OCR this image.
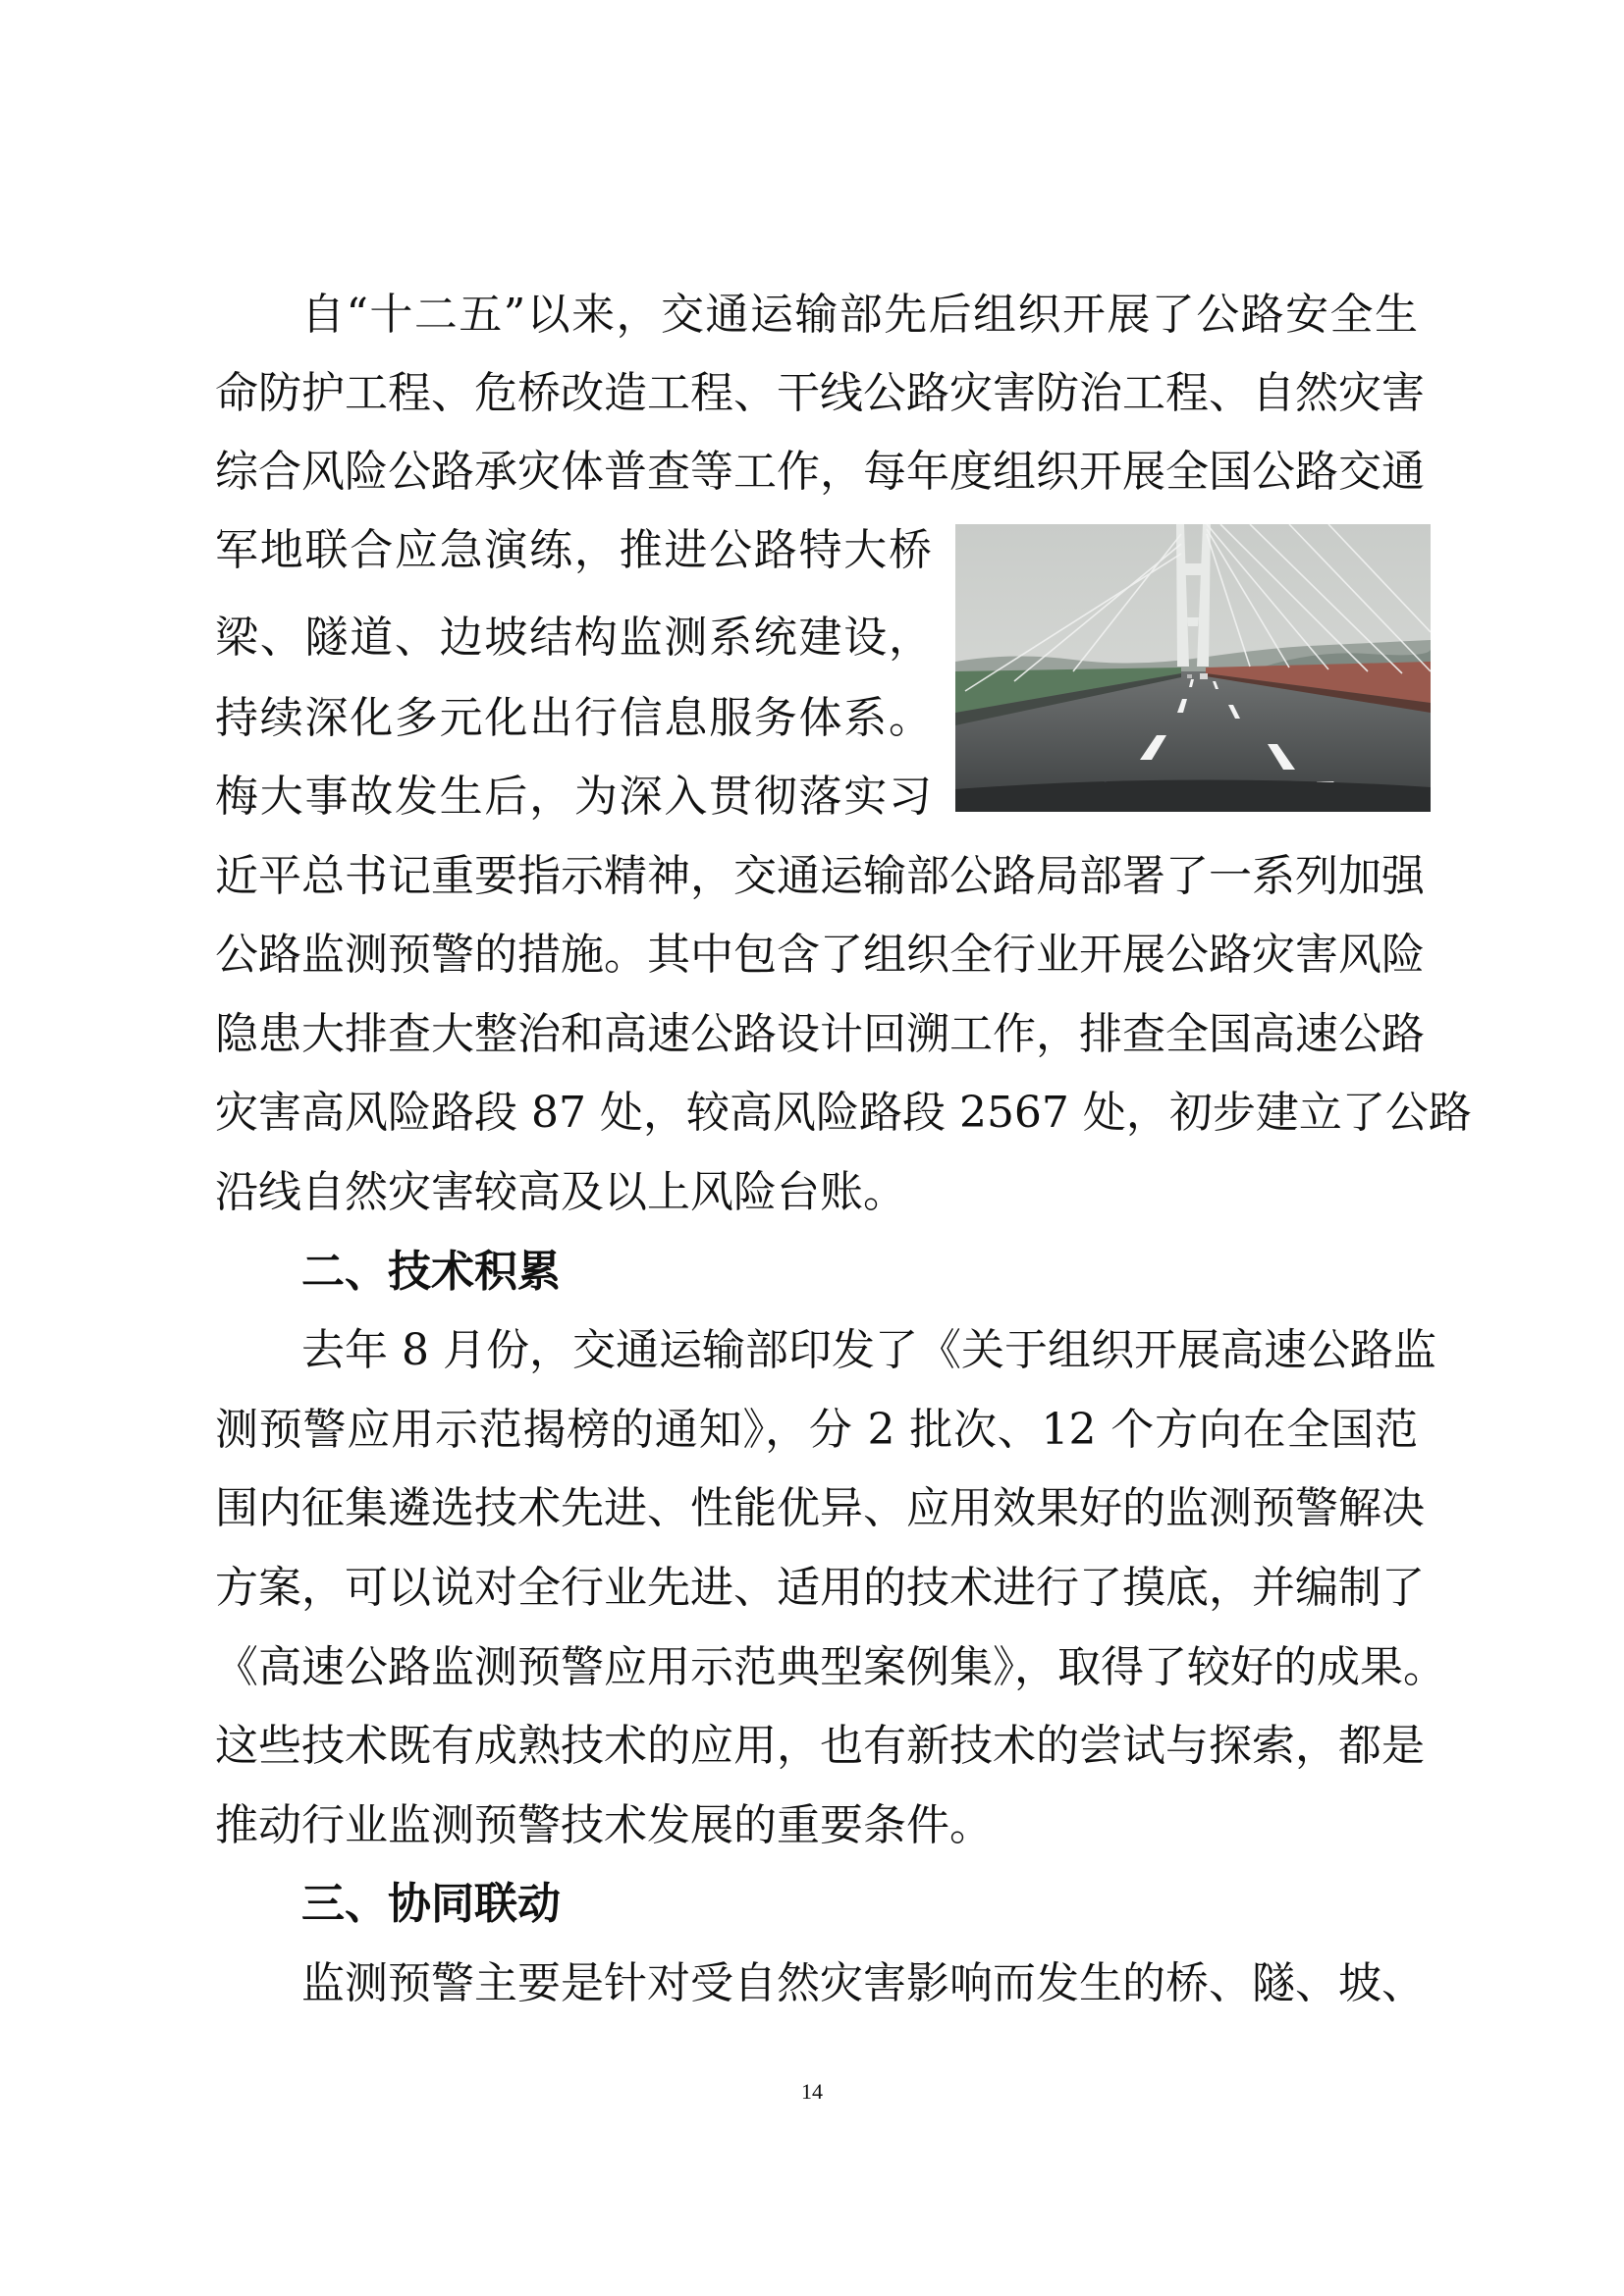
自“十二五”以来，交通运输部先后组织开展了公路安全生
命防护工程、危桥改造工程、干线公路灾害防治工程、自然灾害
综合风险公路承灾体普查等工作，每年度组织开展全国公路交通
军地联合应急演练，推进公路特大桥
梁、隧道、边坡结构监测系统建设，
持续深化多元化出行信息服务体系。
梅大事故发生后，为深入贯彻落实习
近平总书记重要指示精神，交通运输部公路局部署了一系列加强
公路监测预警的措施。其中包含了组织全行业开展公路灾害风险
隐患大排查大整治和高速公路设计回溯工作，排查全国高速公路
灾害高风险路段 87 处，较高风险路段 2567 处，初步建立了公路
沿线自然灾害较高及以上风险台账。
二、技术积累
去年 8 月份，交通运输部印发了《关于组织开展高速公路监
测预警应用示范揭榜的通知》，分 2 批次、12 个方向在全国范
围内征集遴选技术先进、性能优异、应用效果好的监测预警解决
方案，可以说对全行业先进、适用的技术进行了摸底，并编制了
《高速公路监测预警应用示范典型案例集》，取得了较好的成果。
这些技术既有成熟技术的应用，也有新技术的尝试与探索，都是
推动行业监测预警技术发展的重要条件。
三、协同联动
监测预警主要是针对受自然灾害影响而发生的桥、隧、坡、
14
